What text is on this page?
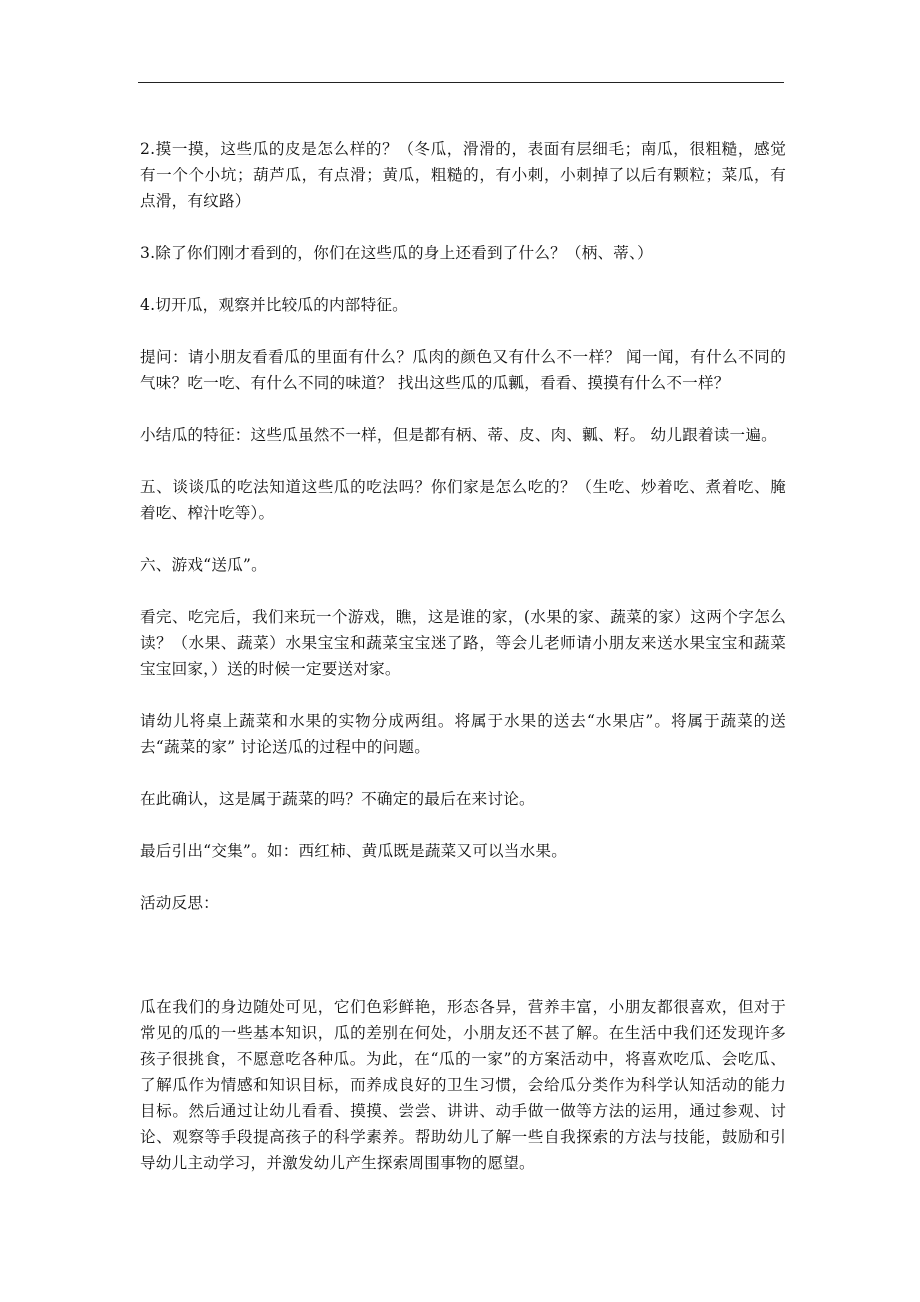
2.摸一摸，这些瓜的皮是怎么样的？（冬瓜，滑滑的，表面有层细毛；南瓜，很粗糙，感觉有一个个小坑；葫芦瓜，有点滑；黄瓜，粗糙的，有小刺，小刺掉了以后有颗粒；菜瓜，有点滑，有纹路）

3.除了你们刚才看到的，你们在这些瓜的身上还看到了什么？（柄、蒂、）

4.切开瓜，观察并比较瓜的内部特征。

提问：请小朋友看看瓜的里面有什么？瓜肉的颜色又有什么不一样？ 闻一闻，有什么不同的气味？吃一吃、有什么不同的味道？ 找出这些瓜的瓜瓤，看看、摸摸有什么不一样？

小结瓜的特征：这些瓜虽然不一样，但是都有柄、蒂、皮、肉、瓤、籽。 幼儿跟着读一遍。

五、谈谈瓜的吃法知道这些瓜的吃法吗？你们家是怎么吃的？（生吃、炒着吃、煮着吃、腌着吃、榨汁吃等）。

六、游戏“送瓜”。

看完、吃完后，我们来玩一个游戏，瞧，这是谁的家，(水果的家、蔬菜的家）这两个字怎么读？（水果、蔬菜）水果宝宝和蔬菜宝宝迷了路，等会儿老师请小朋友来送水果宝宝和蔬菜宝宝回家，）送的时候一定要送对家。

请幼儿将桌上蔬菜和水果的实物分成两组。将属于水果的送去“水果店”。将属于蔬菜的送去“蔬菜的家” 讨论送瓜的过程中的问题。

在此确认，这是属于蔬菜的吗？不确定的最后在来讨论。

最后引出“交集”。如：西红柿、黄瓜既是蔬菜又可以当水果。

活动反思：

瓜在我们的身边随处可见，它们色彩鲜艳，形态各异，营养丰富，小朋友都很喜欢，但对于常见的瓜的一些基本知识，瓜的差别在何处，小朋友还不甚了解。在生活中我们还发现许多孩子很挑食，不愿意吃各种瓜。为此，在“瓜的一家”的方案活动中，将喜欢吃瓜、会吃瓜、了解瓜作为情感和知识目标，而养成良好的卫生习惯，会给瓜分类作为科学认知活动的能力目标。然后通过让幼儿看看、摸摸、尝尝、讲讲、动手做一做等方法的运用，通过参观、讨论、观察等手段提高孩子的科学素养。帮助幼儿了解一些自我探索的方法与技能，鼓励和引导幼儿主动学习，并激发幼儿产生探索周围事物的愿望。
